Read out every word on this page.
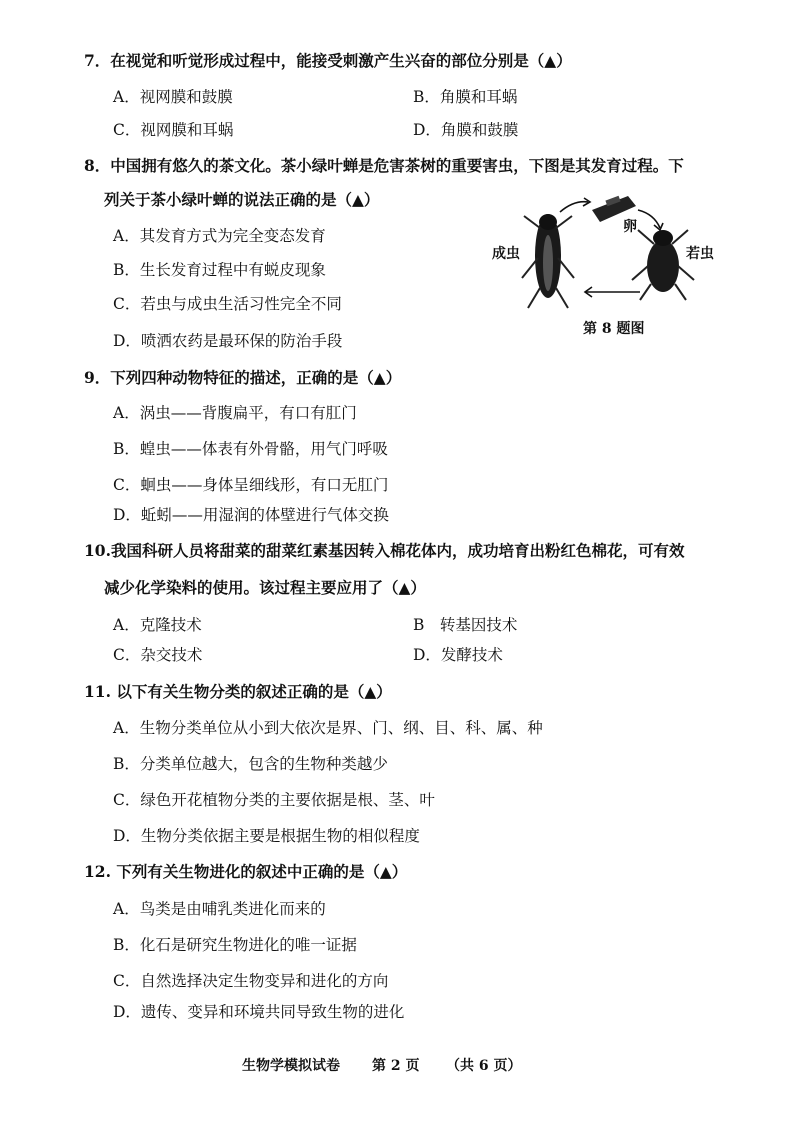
7．在视觉和听觉形成过程中，能接受刺激产生兴奋的部位分别是（▲）
A．视网膜和鼓膜	B．角膜和耳蜗
C．视网膜和耳蜗	D．角膜和鼓膜
8．中国拥有悠久的茶文化。茶小绿叶蝉是危害茶树的重要害虫，下图是其发育过程。下
列关于茶小绿叶蝉的说法正确的是（▲）
A．其发育方式为完全变态发育
B．生长发育过程中有蜕皮现象
C．若虫与成虫生活习性完全不同
D．喷洒农药是最环保的防治手段
成虫
卵
若虫
第 8 题图
9．下列四种动物特征的描述，正确的是（▲）
A．涡虫——背腹扁平，有口有肛门
B．蝗虫——体表有外骨骼，用气门呼吸
C．蛔虫——身体呈细线形，有口无肛门
D．蚯蚓——用湿润的体壁进行气体交换
10.我国科研人员将甜菜的甜菜红素基因转入棉花体内，成功培育出粉红色棉花，可有效
减少化学染料的使用。该过程主要应用了（▲）
A．克隆技术	B　转基因技术
C．杂交技术	D．发酵技术
11. 以下有关生物分类的叙述正确的是（▲）
A．生物分类单位从小到大依次是界、门、纲、目、科、属、种
B．分类单位越大，包含的生物种类越少
C．绿色开花植物分类的主要依据是根、茎、叶
D．生物分类依据主要是根据生物的相似程度
12. 下列有关生物进化的叙述中正确的是（▲）
A．鸟类是由哺乳类进化而来的
B．化石是研究生物进化的唯一证据
C．自然选择决定生物变异和进化的方向
D．遗传、变异和环境共同导致生物的进化
生物学模拟试卷 第 2 页 （共 6 页）
